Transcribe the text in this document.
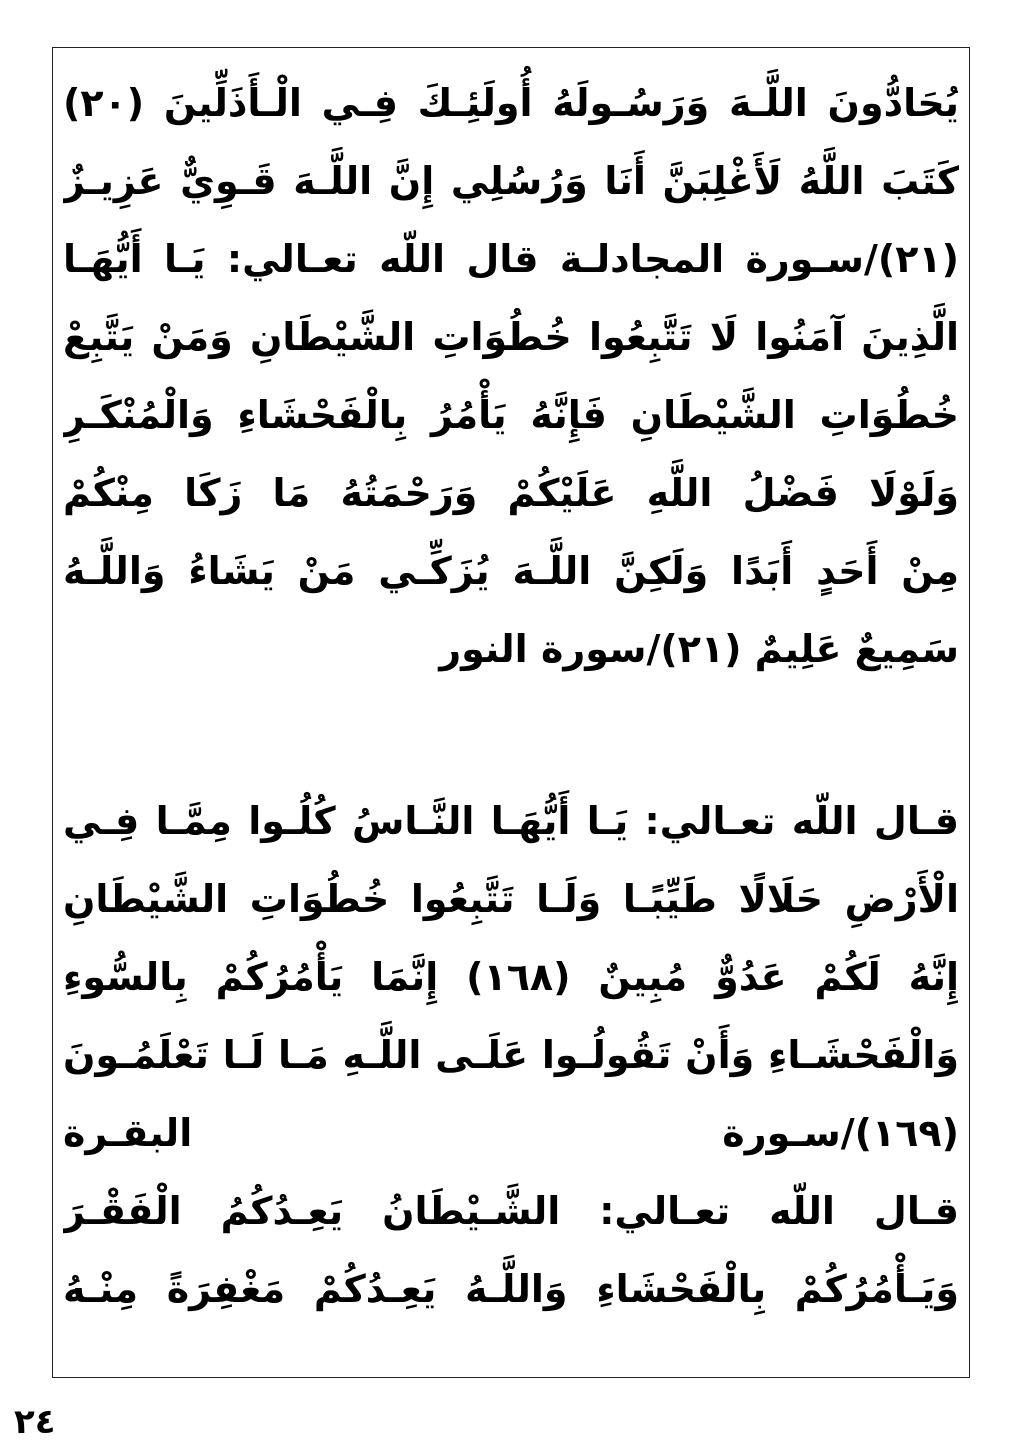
يُحَادُّونَ اللَّـهَ وَرَسُـولَهُ أُولَئِـكَ فِـي الْـأَذَلِّينَ (٢٠)
كَتَبَ اللَّهُ لَأَغْلِبَنَّ أَنَا وَرُسُلِي إِنَّ اللَّـهَ قَـوِيٌّ عَزِيـزٌ
(٢١)/سـورة المجادلـة قال اللّه تعـالي: يَـا أَيُّهَـا
الَّذِينَ آمَنُوا لَا تَتَّبِعُوا خُطُوَاتِ الشَّيْطَانِ وَمَنْ يَتَّبِعْ
خُطُوَاتِ الشَّيْطَانِ فَإِنَّهُ يَأْمُرُ بِالْفَحْشَاءِ وَالْمُنْكَـرِ
وَلَوْلَا فَضْلُ اللَّهِ عَلَيْكُمْ وَرَحْمَتُهُ مَا زَكَا مِنْكُمْ
مِنْ أَحَدٍ أَبَدًا وَلَكِنَّ اللَّـهَ يُزَكِّـي مَنْ يَشَاءُ وَاللَّـهُ
سَمِيعٌ عَلِيمٌ (٢١)/سورة النور
قـال اللّه تعـالي: يَـا أَيُّهَـا النَّـاسُ كُلُـوا مِمَّـا فِـي
الْأَرْضِ حَلَالًا طَيِّبًـا وَلَـا تَتَّبِعُوا خُطُوَاتِ الشَّيْطَانِ
إِنَّهُ لَكُمْ عَدُوٌّ مُبِينٌ (١٦٨) إِنَّمَا يَأْمُرُكُمْ بِالسُّوءِ
وَالْفَحْشَـاءِ وَأَنْ تَقُولُـوا عَلَـى اللَّـهِ مَـا لَـا تَعْلَمُـونَ
(١٦٩)/سـورة البقـرة
قـال اللّه تعـالي: الشَّـيْطَانُ يَعِـدُكُمُ الْفَقْـرَ
وَيَـأْمُرُكُمْ بِالْفَحْشَاءِ وَاللَّـهُ يَعِـدُكُمْ مَغْفِرَةً مِنْـهُ
٢٤
